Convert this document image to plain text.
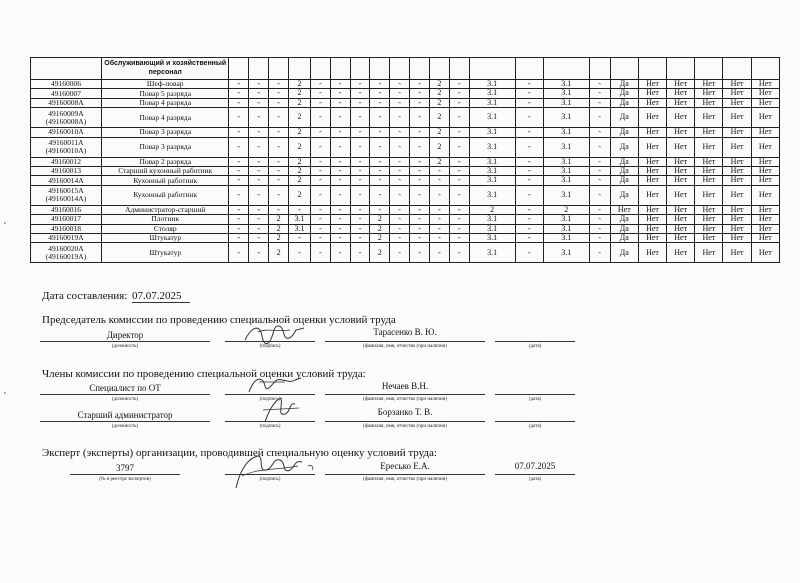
	Обслуживающий и хозяйственный персонал																						
49160006	Шеф-повар	-	-	-	2	-	-	-	-	-	-	2	-	3.1	-	3.1	-	Да	Нет	Нет	Нет	Нет	Нет
49160007	Повар 5 разряда	-	-	-	2	-	-	-	-	-	-	2	-	3.1	-	3.1	-	Да	Нет	Нет	Нет	Нет	Нет
49160008А	Повар 4 разряда	-	-	-	2	-	-	-	-	-	-	2	-	3.1	-	3.1	-	Да	Нет	Нет	Нет	Нет	Нет
49160009А (49160008А)	Повар 4 разряда	-	-	-	2	-	-	-	-	-	-	2	-	3.1	-	3.1	-	Да	Нет	Нет	Нет	Нет	Нет
49160010А	Повар 3 разряда	-	-	-	2	-	-	-	-	-	-	2	-	3.1	-	3.1	-	Да	Нет	Нет	Нет	Нет	Нет
49160011А (49160010А)	Повар 3 разряда	-	-	-	2	-	-	-	-	-	-	2	-	3.1	-	3.1	-	Да	Нет	Нет	Нет	Нет	Нет
49160012	Повар 2 разряда	-	-	-	2	-	-	-	-	-	-	2	-	3.1	-	3.1	-	Да	Нет	Нет	Нет	Нет	Нет
49160013	Старший кухонный работник	-	-	-	2	-	-	-	-	-	-	-	-	3.1	-	3.1	-	Да	Нет	Нет	Нет	Нет	Нет
49160014А	Кухонный работник	-	-	-	2	-	-	-	-	-	-	-	-	3.1	-	3.1	-	Да	Нет	Нет	Нет	Нет	Нет
49160015А (49160014А)	Кухонный работник	-	-	-	2	-	-	-	-	-	-	-	-	3.1	-	3.1	-	Да	Нет	Нет	Нет	Нет	Нет
49160016	Администратор-старший	-	-	-	-	-	-	-	-	-	-	-	-	2	-	2	-	Нет	Нет	Нет	Нет	Нет	Нет
49160017	Плотник	-	-	2	3.1	-	-	-	2	-	-	-	-	3.1	-	3.1	-	Да	Нет	Нет	Нет	Нет	Нет
49160018	Столяр	-	-	2	3.1	-	-	-	2	-	-	-	-	3.1	-	3.1	-	Да	Нет	Нет	Нет	Нет	Нет
49160019А	Штукатур	-	-	2	-	-	-	-	2	-	-	-	-	3.1	-	3.1	-	Да	Нет	Нет	Нет	Нет	Нет
49160020А (49160019А)	Штукатур	-	-	2	-	-	-	-	2	-	-	-	-	3.1	-	3.1	-	Да	Нет	Нет	Нет	Нет	Нет
Дата составления: 07.07.2025
Председатель комиссии по проведению специальной оценки условий труда
Директор
(должность)	(подпись)
Тарасенко В. Ю.
(фамилия, имя, отчество (при наличии)	(дата)
Члены комиссии по проведению специальной оценки условий труда:
Специалист по ОТ
(должность)	(подпись)
Нечаев В.Н.
(фамилия, имя, отчество (при наличии)	(дата)
Старший администратор
(должность)	(подпись)
Борзанко Т. В.
(фамилия, имя, отчество (при наличии)	(дата)
Эксперт (эксперты) организации, проводившей специальную оценку условий труда:
3797
(№ в реестре экспертов)	(подпись)
Ересько Е.А.
(фамилия, имя, отчество (при наличии)
07.07.2025
(дата)
